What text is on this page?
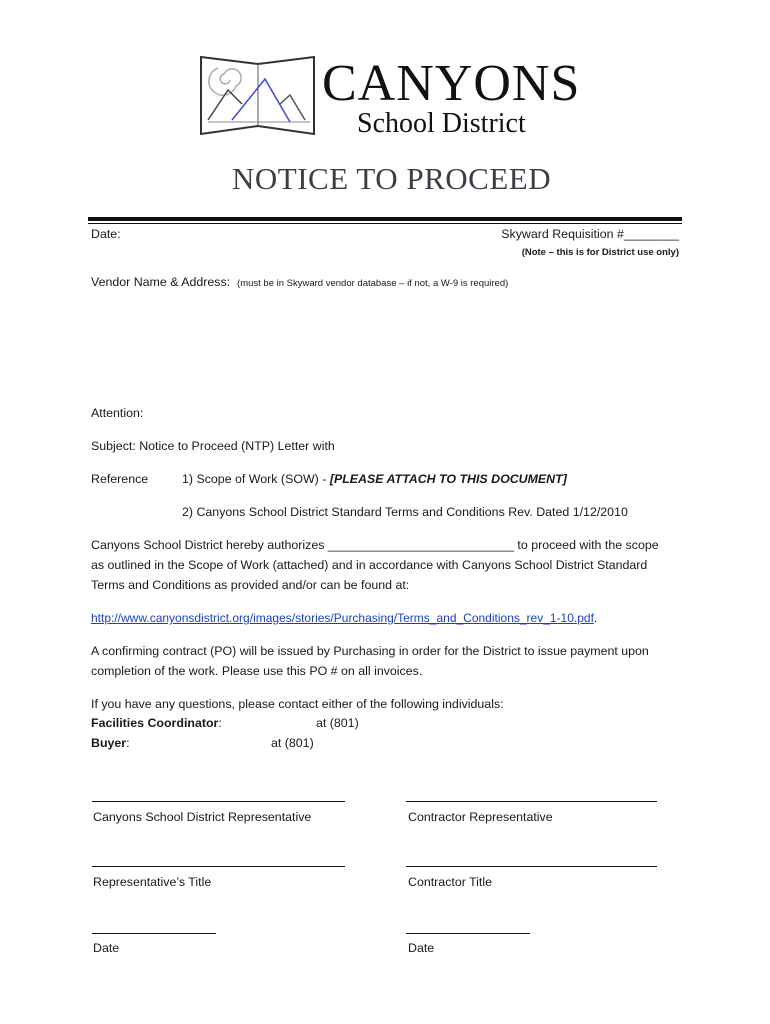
CANYONS
School District
NOTICE TO PROCEED
Date:	Skyward Requisition #________
(Note – this is for District use only)
Vendor Name & Address: (must be in Skyward vendor database – if not, a W-9 is required)
Attention:
Subject: Notice to Proceed (NTP) Letter with
Reference	1) Scope of Work (SOW) - [PLEASE ATTACH TO THIS DOCUMENT]
2) Canyons School District Standard Terms and Conditions Rev. Dated 1/12/2010
Canyons School District hereby authorizes ___________________________ to proceed with the scope
as outlined in the Scope of Work (attached) and in accordance with Canyons School District Standard
Terms and Conditions as provided and/or can be found at:
http://www.canyonsdistrict.org/images/stories/Purchasing/Terms_and_Conditions_rev_1-10.pdf.
A confirming contract (PO) will be issued by Purchasing in order for the District to issue payment upon
completion of the work. Please use this PO # on all invoices.
If you have any questions, please contact either of the following individuals:
Facilities Coordinator:	at (801)
Buyer:	at (801)
Canyons School District Representative	Contractor Representative
Representative’s Title	Contractor Title
Date	Date
